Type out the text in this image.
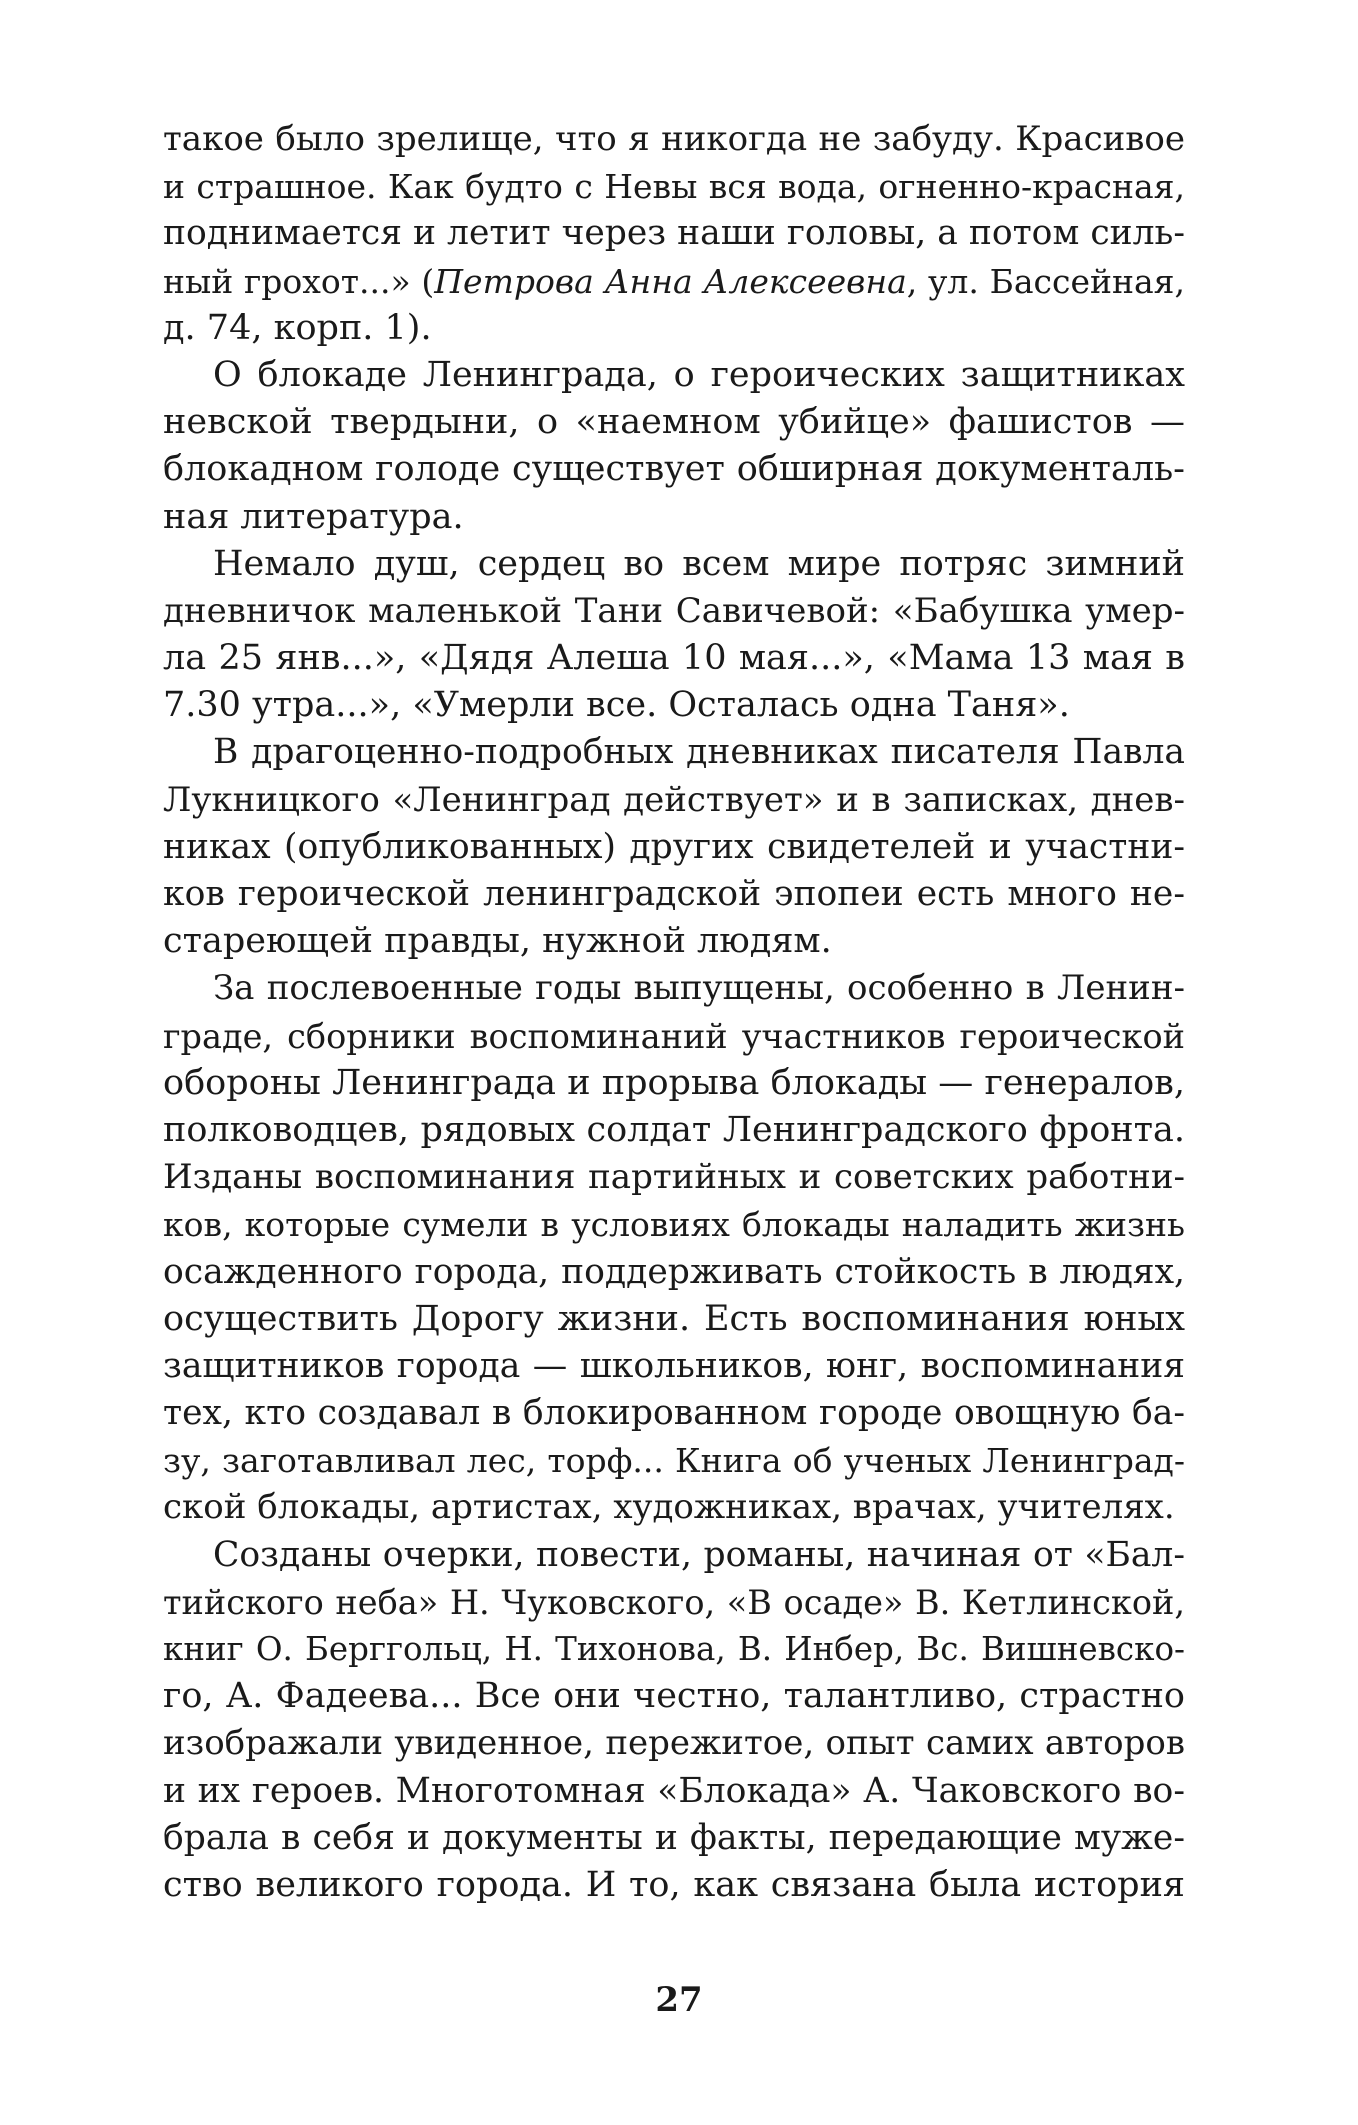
такое было зрелище, что я никогда не забуду. Красивое
и страшное. Как будто с Невы вся вода, огненно-красная,
поднимается и летит через наши головы, а потом силь-
ный грохот...» (Петрова Анна Алексеевна, ул. Бассейная,
д. 74, корп. 1).
О блокаде Ленинграда, о героических защитниках
невской твердыни, о «наемном убийце» фашистов —
блокадном голоде существует обширная документаль-
ная литература.
Немало душ, сердец во всем мире потряс зимний
дневничок маленькой Тани Савичевой: «Бабушка умер-
ла 25 янв...», «Дядя Алеша 10 мая...», «Мама 13 мая в
7.30 утра...», «Умерли все. Осталась одна Таня».
В драгоценно-подробных дневниках писателя Павла
Лукницкого «Ленинград действует» и в записках, днев-
никах (опубликованных) других свидетелей и участни-
ков героической ленинградской эпопеи есть много не-
стареющей правды, нужной людям.
За послевоенные годы выпущены, особенно в Ленин-
граде, сборники воспоминаний участников героической
обороны Ленинграда и прорыва блокады — генералов,
полководцев, рядовых солдат Ленинградского фронта.
Изданы воспоминания партийных и советских работни-
ков, которые сумели в условиях блокады наладить жизнь
осажденного города, поддерживать стойкость в людях,
осуществить Дорогу жизни. Есть воспоминания юных
защитников города — школьников, юнг, воспоминания
тех, кто создавал в блокированном городе овощную ба-
зу, заготавливал лес, торф... Книга об ученых Ленинград-
ской блокады, артистах, художниках, врачах, учителях.
Созданы очерки, повести, романы, начиная от «Бал-
тийского неба» Н. Чуковского, «В осаде» В. Кетлинской,
книг О. Берггольц, Н. Тихонова, В. Инбер, Вс. Вишневско-
го, А. Фадеева... Все они честно, талантливо, страстно
изображали увиденное, пережитое, опыт самих авторов
и их героев. Многотомная «Блокада» А. Чаковского во-
брала в себя и документы и факты, передающие муже-
ство великого города. И то, как связана была история
27
